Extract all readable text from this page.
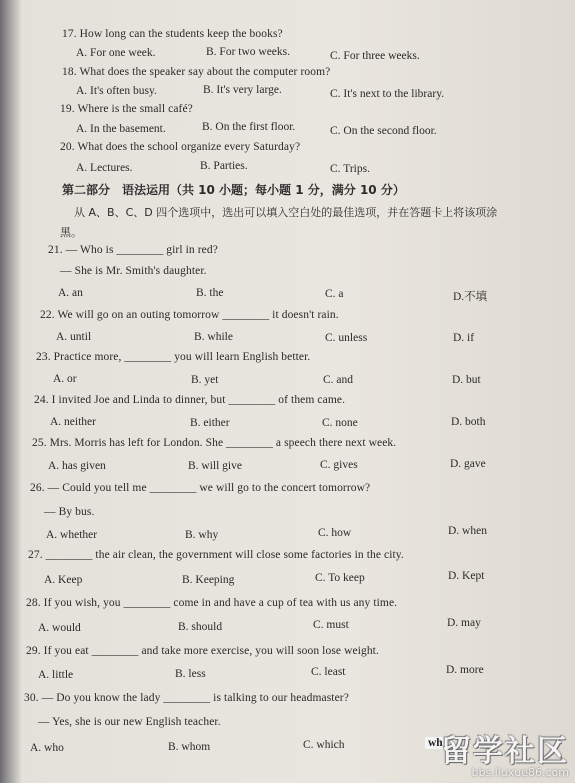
17. How long can the students keep the books?
A. For one week.	B. For two weeks.	C. For three weeks.
18. What does the speaker say about the computer room?
A. It's often busy.	B. It's very large.	C. It's next to the library.
19. Where is the small café?
A. In the basement.	B. On the first floor.	C. On the second floor.
20. What does the school organize every Saturday?
A. Lectures.	B. Parties.	C. Trips.
第二部分　语法运用（共 10 小题；每小题 1 分，满分 10 分）
从 A、B、C、D 四个选项中，选出可以填入空白处的最佳选项，并在答题卡上将该项涂
黑。
21. — Who is ________ girl in red?
— She is Mr. Smith's daughter.
A. an	B. the	C. a	D.不填
22. We will go on an outing tomorrow ________ it doesn't rain.
A. until	B. while	C. unless	D. if
23. Practice more, ________ you will learn English better.
A. or	B. yet	C. and	D. but
24. I invited Joe and Linda to dinner, but ________ of them came.
A. neither	B. either	C. none	D. both
25. Mrs. Morris has left for London. She ________ a speech there next week.
A. has given	B. will give	C. gives	D. gave
26. — Could you tell me ________ we will go to the concert tomorrow?
— By bus.
A. whether	B. why	C. how	D. when
27. ________ the air clean, the government will close some factories in the city.
A. Keep	B. Keeping	C. To keep	D. Kept
28. If you wish, you ________ come in and have a cup of tea with us any time.
A. would	B. should	C. must	D. may
29. If you eat ________ and take more exercise, you will soon lose weight.
A. little	B. less	C. least	D. more
30. — Do you know the lady ________ is talking to our headmaster?
— Yes, she is our new English teacher.
A. who	B. whom	C. which	wh
留学社区
bbs.liuxue86.com
